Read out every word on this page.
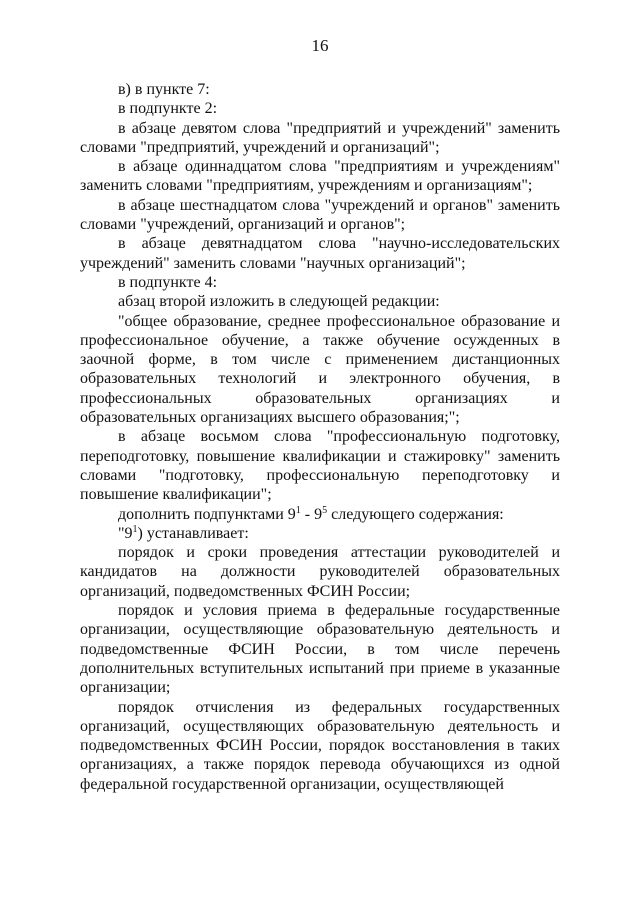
16

в) в пункте 7:

в подпункте 2:

в абзаце девятом слова "предприятий и учреждений" заменить словами "предприятий, учреждений и организаций";

в абзаце одиннадцатом слова "предприятиям и учреждениям" заменить словами "предприятиям, учреждениям и организациям";

в абзаце шестнадцатом слова "учреждений и органов" заменить словами "учреждений, организаций и органов";

в абзаце девятнадцатом слова "научно-исследовательских учреждений" заменить словами "научных организаций";

в подпункте 4:

абзац второй изложить в следующей редакции:

"общее образование, среднее профессиональное образование и профессиональное обучение, а также обучение осужденных в заочной форме, в том числе с применением дистанционных образовательных технологий и электронного обучения, в профессиональных образовательных организациях и образовательных организациях высшего образования;";

в абзаце восьмом слова "профессиональную подготовку, переподготовку, повышение квалификации и стажировку" заменить словами "подготовку, профессиональную переподготовку и повышение квалификации";

дополнить подпунктами $9^1 - 9^5$ следующего содержания:

"$9^1$) устанавливает:

порядок и сроки проведения аттестации руководителей и кандидатов на должности руководителей образовательных организаций, подведомственных ФСИН России;

порядок и условия приема в федеральные государственные организации, осуществляющие образовательную деятельность и подведомственные ФСИН России, в том числе перечень дополнительных вступительных испытаний при приеме в указанные организации;

порядок отчисления из федеральных государственных организаций, осуществляющих образовательную деятельность и подведомственных ФСИН России, порядок восстановления в таких организациях, а также порядок перевода обучающихся из одной федеральной государственной организации, осуществляющей
